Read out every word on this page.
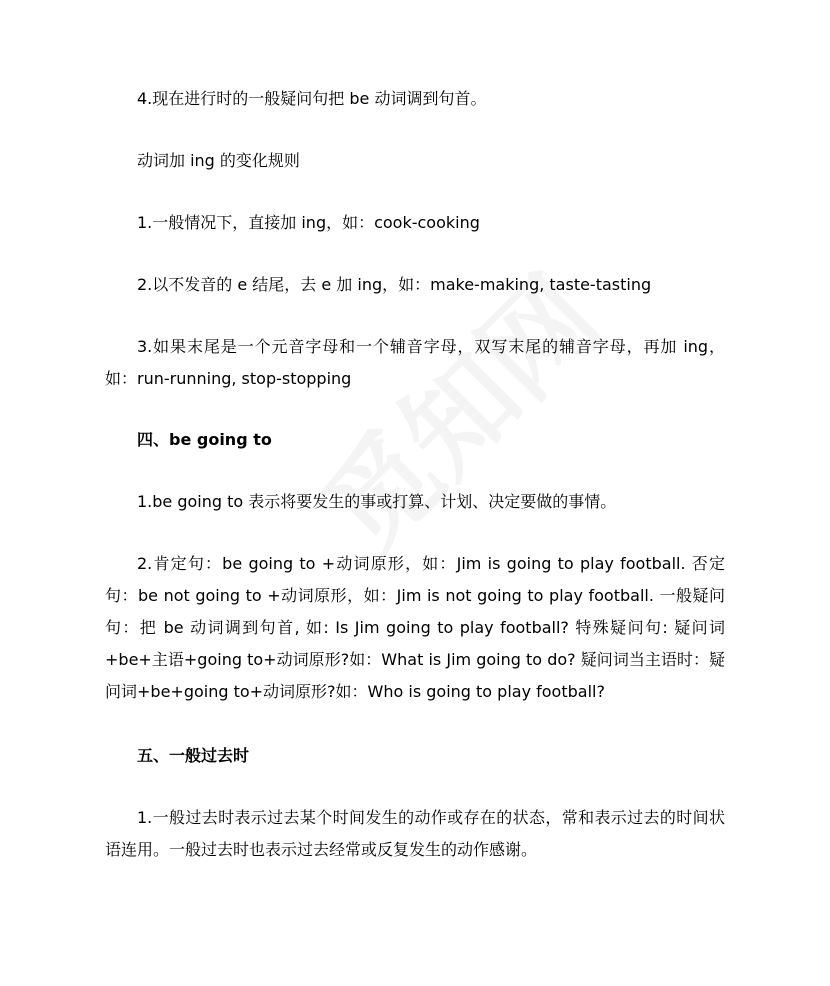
4.现在进行时的一般疑问句把 be 动词调到句首。
动词加 ing 的变化规则
1.一般情况下，直接加 ing，如：cook-cooking
2.以不发音的 e 结尾，去 e 加 ing，如：make-making, taste-tasting
3.如果末尾是一个元音字母和一个辅音字母，双写末尾的辅音字母，再加 ing，如：run-running, stop-stopping
四、be going to
1.be going to 表示将要发生的事或打算、计划、决定要做的事情。
2.肯定句：be going to +动词原形，如：Jim is going to play football. 否定句：be not going to +动词原形，如：Jim is not going to play football. 一般疑问句：把 be 动词调到句首, 如: Is Jim going to play football? 特殊疑问句: 疑问词+be+主语+going to+动词原形?如：What is Jim going to do? 疑问词当主语时：疑问词+be+going to+动词原形?如：Who is going to play football?
五、一般过去时
1.一般过去时表示过去某个时间发生的动作或存在的状态，常和表示过去的时间状语连用。一般过去时也表示过去经常或反复发生的动作感谢。
